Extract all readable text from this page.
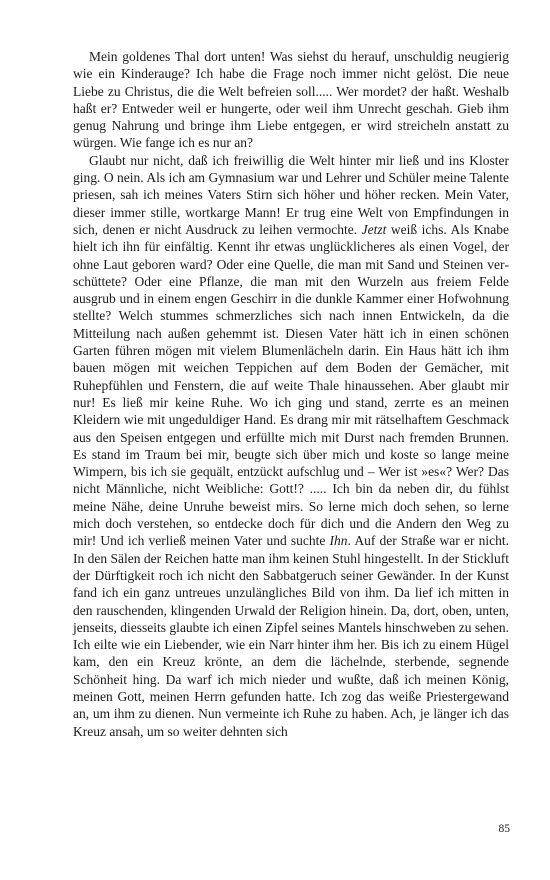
Mein goldenes Thal dort unten! Was siehst du herauf, unschuldig neugierig wie ein Kinderauge? Ich habe die Frage noch immer nicht gelöst. Die neue Liebe zu Christus, die die Welt befreien soll..... Wer mordet? der haßt. Weshalb haßt er? Entweder weil er hungerte, oder weil ihm Unrecht geschah. Gieb ihm genug Nahrung und bringe ihm Liebe entgegen, er wird streicheln anstatt zu würgen. Wie fange ich es nur an?

Glaubt nur nicht, daß ich freiwillig die Welt hinter mir ließ und ins Kloster ging. O nein. Als ich am Gymnasium war und Lehrer und Schüler meine Talente priesen, sah ich meines Vaters Stirn sich höher und höher recken. Mein Vater, dieser immer stille, wortkarge Mann! Er trug eine Welt von Empfindungen in sich, denen er nicht Ausdruck zu leihen vermochte. Jetzt weiß ichs. Als Knabe hielt ich ihn für einfältig. Kennt ihr etwas unglücklicheres als einen Vogel, der ohne Laut geboren ward? Oder eine Quelle, die man mit Sand und Steinen verschüttete? Oder eine Pflanze, die man mit den Wurzeln aus freiem Felde ausgrub und in einem engen Geschirr in die dunkle Kammer einer Hofwohnung stellte? Welch stummes schmerzliches sich nach innen Entwickeln, da die Mitteilung nach außen gehemmt ist. Diesen Vater hätt ich in einen schönen Garten führen mögen mit vielem Blumenlächeln darin. Ein Haus hätt ich ihm bauen mögen mit weichen Teppichen auf dem Boden der Gemächer, mit Ruhepfühlen und Fenstern, die auf weite Thale hinaussehen. Aber glaubt mir nur! Es ließ mir keine Ruhe. Wo ich ging und stand, zerrte es an meinen Kleidern wie mit ungeduldiger Hand. Es drang mir mit rätselhaftem Geschmack aus den Speisen entgegen und erfüllte mich mit Durst nach fremden Brunnen. Es stand im Traum bei mir, beugte sich über mich und koste so lange meine Wimpern, bis ich sie gequält, entzückt aufschlug und – Wer ist »es«? Wer? Das nicht Männliche, nicht Weibliche: Gott!? ..... Ich bin da neben dir, du fühlst meine Nähe, deine Unruhe beweist mirs. So lerne mich doch sehen, so lerne mich doch verstehen, so entdecke doch für dich und die Andern den Weg zu mir! Und ich verließ meinen Vater und suchte Ihn. Auf der Straße war er nicht. In den Sälen der Reichen hatte man ihm keinen Stuhl hingestellt. In der Stickluft der Dürftigkeit roch ich nicht den Sabbatgeruch seiner Gewänder. In der Kunst fand ich ein ganz untreues unzulängliches Bild von ihm. Da lief ich mitten in den rauschenden, klingenden Urwald der Religion hinein. Da, dort, oben, unten, jenseits, diesseits glaubte ich einen Zipfel seines Mantels hinschweben zu sehen. Ich eilte wie ein Liebender, wie ein Narr hinter ihm her. Bis ich zu einem Hügel kam, den ein Kreuz krönte, an dem die lächelnde, sterbende, segnende Schönheit hing. Da warf ich mich nieder und wußte, daß ich meinen König, meinen Gott, meinen Herrn gefunden hatte. Ich zog das weiße Priestergewand an, um ihm zu dienen. Nun vermeinte ich Ruhe zu haben. Ach, je länger ich das Kreuz ansah, um so weiter dehnten sich

85
